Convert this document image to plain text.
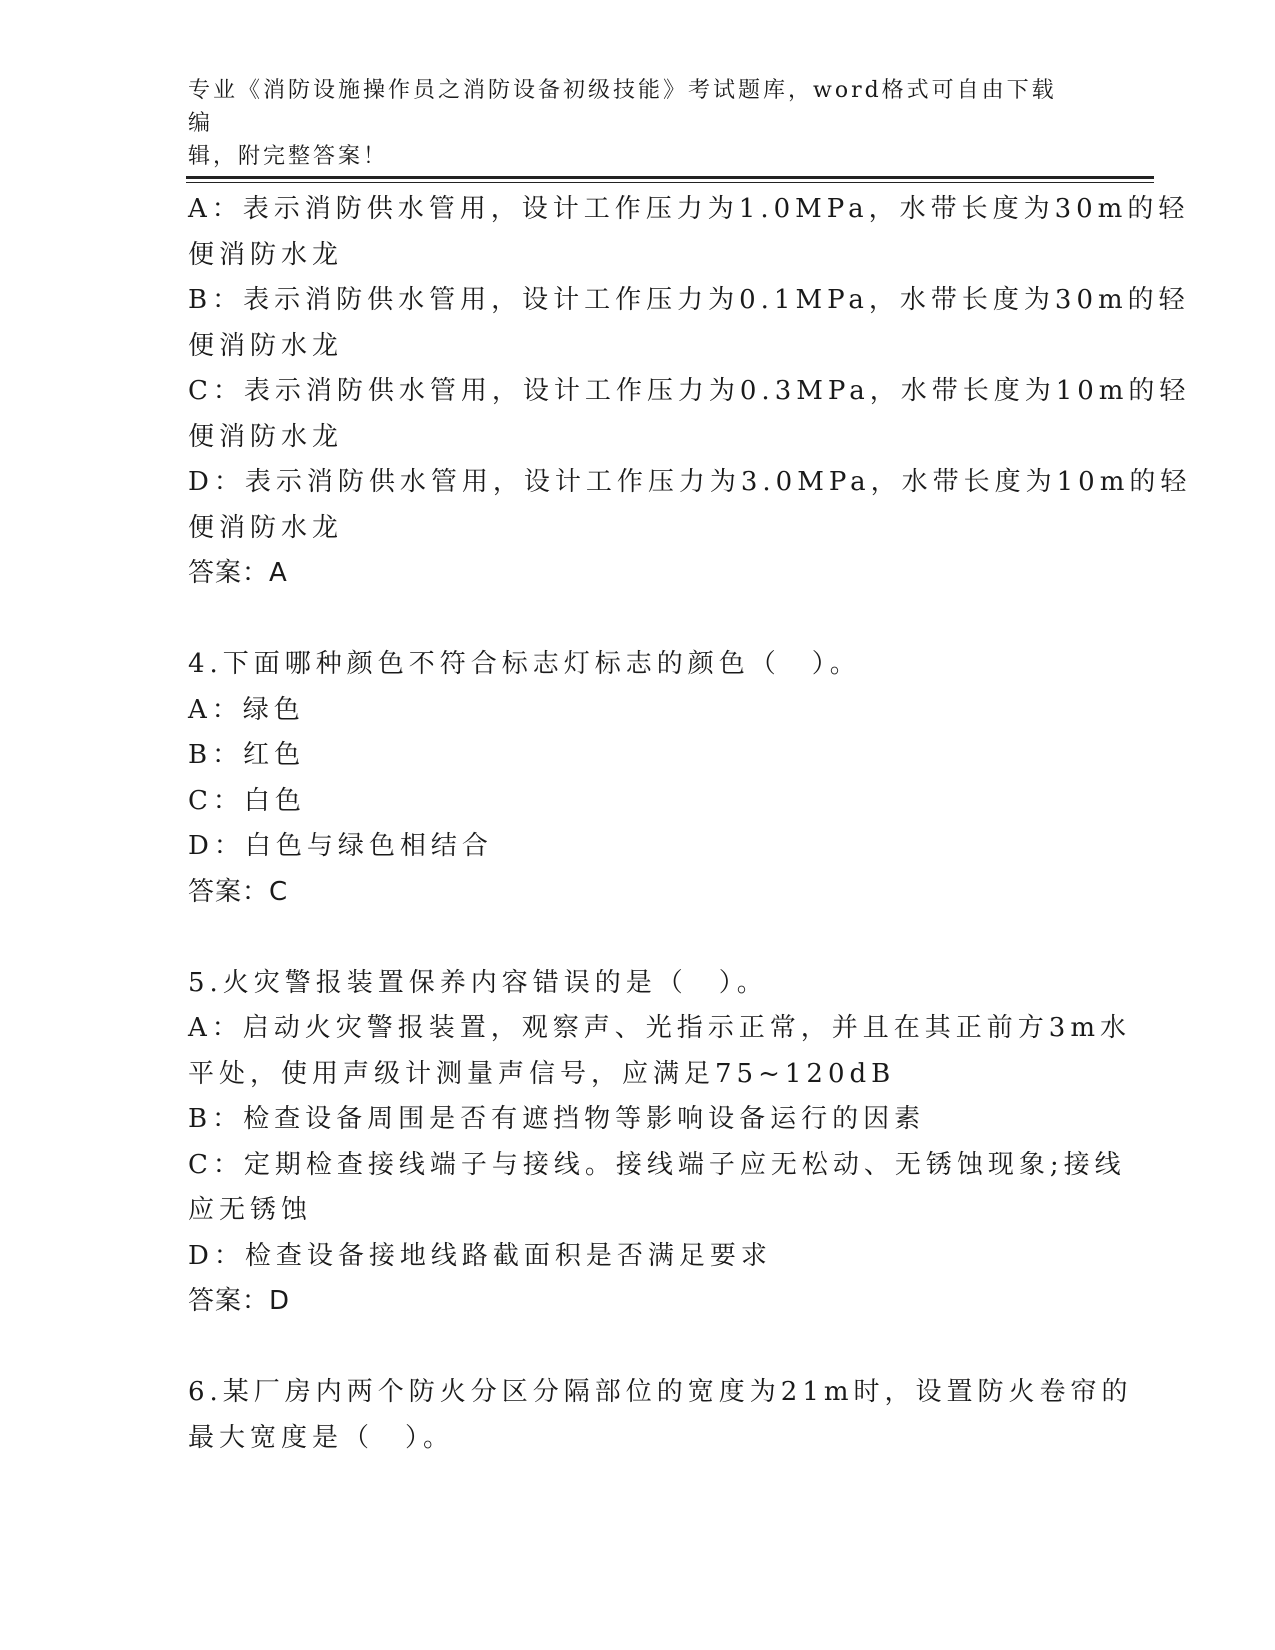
专业《消防设施操作员之消防设备初级技能》考试题库，word格式可自由下载编
辑，附完整答案！
A：表示消防供水管用，设计工作压力为1.0MPa，水带长度为30m的轻
便消防水龙
B：表示消防供水管用，设计工作压力为0.1MPa，水带长度为30m的轻
便消防水龙
C：表示消防供水管用，设计工作压力为0.3MPa，水带长度为10m的轻
便消防水龙
D：表示消防供水管用，设计工作压力为3.0MPa，水带长度为10m的轻
便消防水龙
答案：A
4.下面哪种颜色不符合标志灯标志的颜色（　）。
A：绿色
B：红色
C：白色
D：白色与绿色相结合
答案：C
5.火灾警报装置保养内容错误的是（　）。
A：启动火灾警报装置，观察声、光指示正常，并且在其正前方3m水
平处，使用声级计测量声信号，应满足75~120dB
B：检查设备周围是否有遮挡物等影响设备运行的因素
C：定期检查接线端子与接线。接线端子应无松动、无锈蚀现象;接线
应无锈蚀
D：检查设备接地线路截面积是否满足要求
答案：D
6.某厂房内两个防火分区分隔部位的宽度为21m时，设置防火卷帘的
最大宽度是（　）。
